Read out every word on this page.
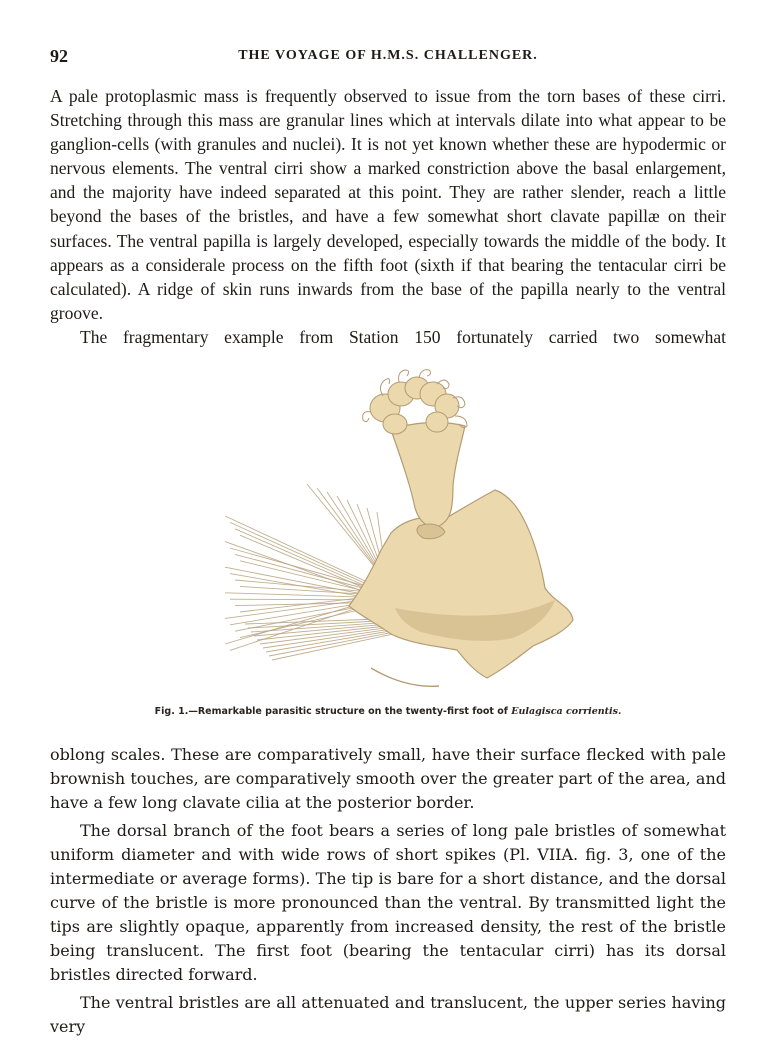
92	THE VOYAGE OF H.M.S. CHALLENGER.

A pale protoplasmic mass is frequently observed to issue from the torn bases of these cirri. Stretching through this mass are granular lines which at intervals dilate into what appear to be ganglion-cells (with granules and nuclei). It is not yet known whether these are hypodermic or nervous elements. The ventral cirri show a marked constriction above the basal enlargement, and the majority have indeed separated at this point. They are rather slender, reach a little beyond the bases of the bristles, and have a few somewhat short clavate papillæ on their surfaces. The ventral papilla is largely developed, especially towards the middle of the body. It appears as a considerale process on the fifth foot (sixth if that bearing the tentacular cirri be calculated). A ridge of skin runs inwards from the base of the papilla nearly to the ventral groove.

The fragmentary example from Station 150 fortunately carried two somewhat

Fig. 1.—Remarkable parasitic structure on the twenty-first foot of Eulagisca corrientis.

oblong scales. These are comparatively small, have their surface flecked with pale brownish touches, are comparatively smooth over the greater part of the area, and have a few long clavate cilia at the posterior border.

The dorsal branch of the foot bears a series of long pale bristles of somewhat uniform diameter and with wide rows of short spikes (Pl. VIIA. fig. 3, one of the intermediate or average forms). The tip is bare for a short distance, and the dorsal curve of the bristle is more pronounced than the ventral. By transmitted light the tips are slightly opaque, apparently from increased density, the rest of the bristle being translucent. The first foot (bearing the tentacular cirri) has its dorsal bristles directed forward.

The ventral bristles are all attenuated and translucent, the upper series having very
